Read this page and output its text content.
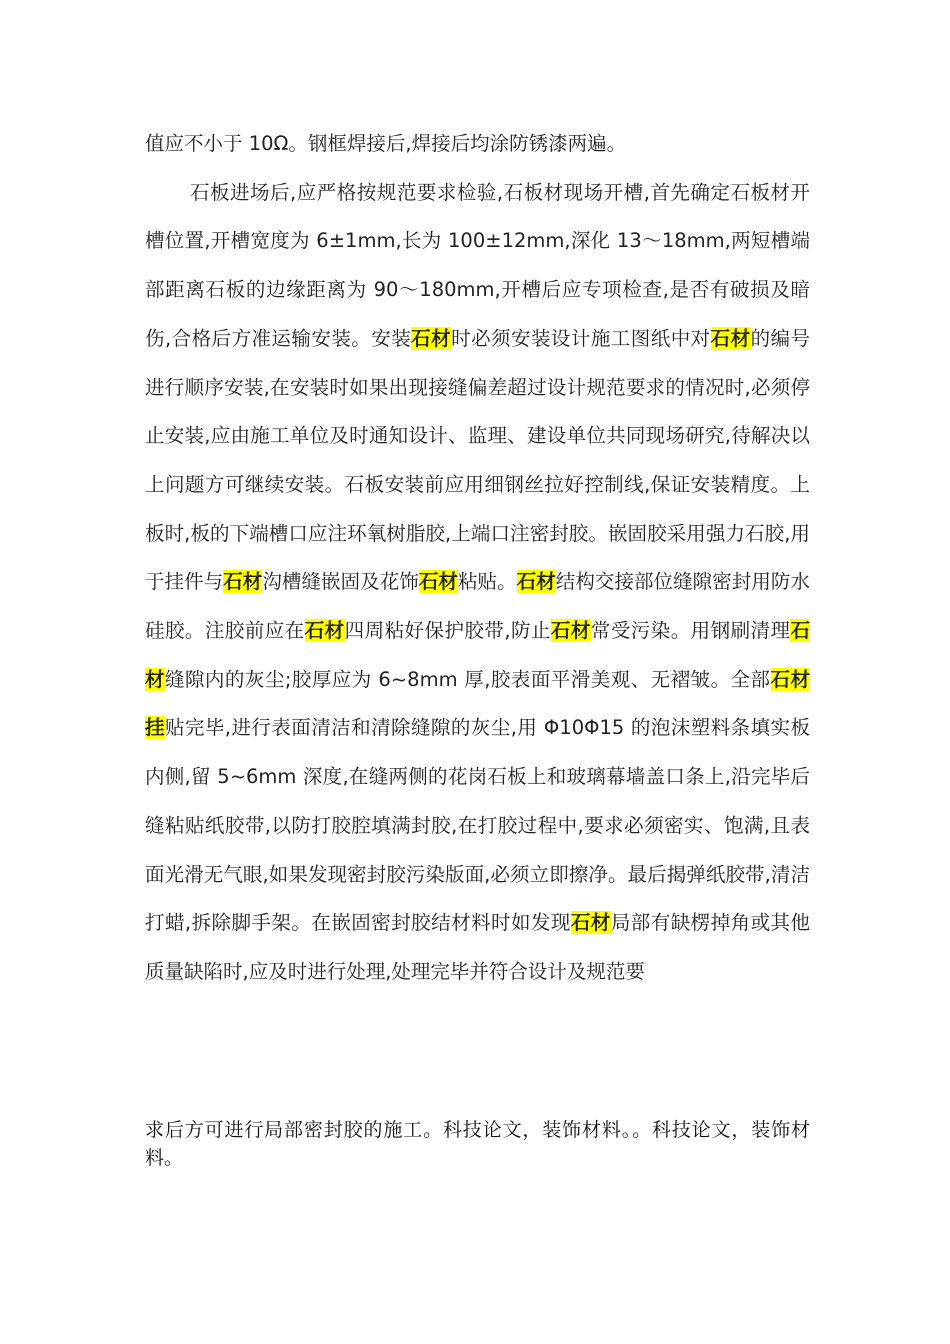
值应不小于 10Ω。钢框焊接后,焊接后均涂防锈漆两遍。

石板进场后,应严格按规范要求检验,石板材现场开槽,首先确定石板材开槽位置,开槽宽度为 6±1mm,长为 100±12mm,深化 13～18mm,两短槽端部距离石板的边缘距离为 90～180mm,开槽后应专项检查,是否有破损及暗伤,合格后方准运输安装。安装石材时必须安装设计施工图纸中对石材的编号进行顺序安装,在安装时如果出现接缝偏差超过设计规范要求的情况时,必须停止安装,应由施工单位及时通知设计、监理、建设单位共同现场研究,待解决以上问题方可继续安装。石板安装前应用细钢丝拉好控制线,保证安装精度。上板时,板的下端槽口应注环氧树脂胶,上端口注密封胶。嵌固胶采用强力石胶,用于挂件与石材沟槽缝嵌固及花饰石材粘贴。石材结构交接部位缝隙密封用防水硅胶。注胶前应在石材四周粘好保护胶带,防止石材常受污染。用钢刷清理石材缝隙内的灰尘;胶厚应为 6~8mm 厚,胶表面平滑美观、无褶皱。全部石材挂贴完毕,进行表面清洁和清除缝隙的灰尘,用 Φ10Φ15 的泡沫塑料条填实板内侧,留 5~6mm 深度,在缝两侧的花岗石板上和玻璃幕墙盖口条上,沿完毕后缝粘贴纸胶带,以防打胶腔填满封胶,在打胶过程中,要求必须密实、饱满,且表面光滑无气眼,如果发现密封胶污染版面,必须立即擦净。最后揭弹纸胶带,清洁打蜡,拆除脚手架。在嵌固密封胶结材料时如发现石材局部有缺楞掉角或其他质量缺陷时,应及时进行处理,处理完毕并符合设计及规范要

求后方可进行局部密封胶的施工。科技论文，装饰材料。。科技论文，装饰材料。
